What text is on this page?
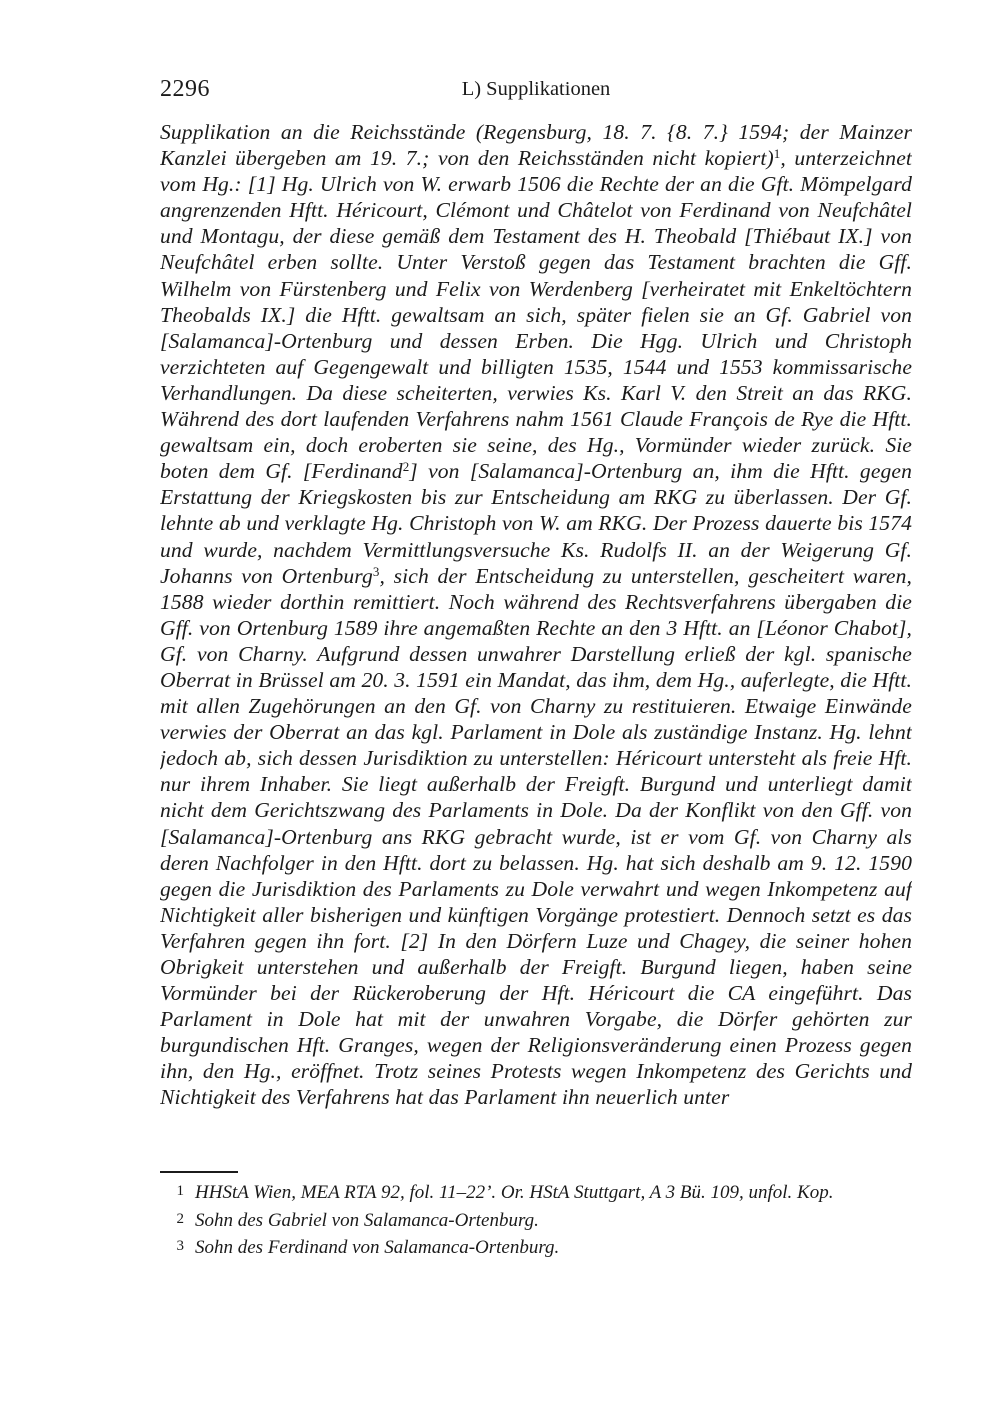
2296	L) Supplikationen

Supplikation an die Reichsstände (Regensburg, 18. 7. {8. 7.} 1594; der Mainzer Kanzlei übergeben am 19. 7.; von den Reichsständen nicht kopiert)$^1$, unterzeichnet vom Hg.: [1] Hg. Ulrich von W. erwarb 1506 die Rechte der an die Gft. Mömpelgard angrenzenden Hftt. Héricourt, Clémont und Châtelot von Ferdinand von Neufchâtel und Montagu, der diese gemäß dem Testament des H. Theobald [Thiébaut IX.] von Neufchâtel erben sollte. Unter Verstoß gegen das Testament brachten die Gff. Wilhelm von Fürstenberg und Felix von Werdenberg [verheiratet mit Enkeltöchtern Theobalds IX.] die Hftt. gewaltsam an sich, später fielen sie an Gf. Gabriel von [Salamanca]-Ortenburg und dessen Erben. Die Hgg. Ulrich und Christoph verzichteten auf Gegengewalt und billigten 1535, 1544 und 1553 kommissarische Verhandlungen. Da diese scheiterten, verwies Ks. Karl V. den Streit an das RKG. Während des dort laufenden Verfahrens nahm 1561 Claude François de Rye die Hftt. gewaltsam ein, doch eroberten sie seine, des Hg., Vormünder wieder zurück. Sie boten dem Gf. [Ferdinand$^2$] von [Salamanca]-Ortenburg an, ihm die Hftt. gegen Erstattung der Kriegskosten bis zur Entscheidung am RKG zu überlassen. Der Gf. lehnte ab und verklagte Hg. Christoph von W. am RKG. Der Prozess dauerte bis 1574 und wurde, nachdem Vermittlungsversuche Ks. Rudolfs II. an der Weigerung Gf. Johanns von Ortenburg$^3$, sich der Entscheidung zu unterstellen, gescheitert waren, 1588 wieder dorthin remittiert. Noch während des Rechtsverfahrens übergaben die Gff. von Ortenburg 1589 ihre angemaßten Rechte an den 3 Hftt. an [Léonor Chabot], Gf. von Charny. Aufgrund dessen unwahrer Darstellung erließ der kgl. spanische Oberrat in Brüssel am 20. 3. 1591 ein Mandat, das ihm, dem Hg., auferlegte, die Hftt. mit allen Zugehörungen an den Gf. von Charny zu restituieren. Etwaige Einwände verwies der Oberrat an das kgl. Parlament in Dole als zuständige Instanz. Hg. lehnt jedoch ab, sich dessen Jurisdiktion zu unterstellen: Héricourt untersteht als freie Hft. nur ihrem Inhaber. Sie liegt außerhalb der Freigft. Burgund und unterliegt damit nicht dem Gerichtszwang des Parlaments in Dole. Da der Konflikt von den Gff. von [Salamanca]-Ortenburg ans RKG gebracht wurde, ist er vom Gf. von Charny als deren Nachfolger in den Hftt. dort zu belassen. Hg. hat sich deshalb am 9. 12. 1590 gegen die Jurisdiktion des Parlaments zu Dole verwahrt und wegen Inkompetenz auf Nichtigkeit aller bisherigen und künftigen Vorgänge protestiert. Dennoch setzt es das Verfahren gegen ihn fort. [2] In den Dörfern Luze und Chagey, die seiner hohen Obrigkeit unterstehen und außerhalb der Freigft. Burgund liegen, haben seine Vormünder bei der Rückeroberung der Hft. Héricourt die CA eingeführt. Das Parlament in Dole hat mit der unwahren Vorgabe, die Dörfer gehörten zur burgundischen Hft. Granges, wegen der Religionsveränderung einen Prozess gegen ihn, den Hg., eröffnet. Trotz seines Protests wegen Inkompetenz des Gerichts und Nichtigkeit des Verfahrens hat das Parlament ihn neuerlich unter

1 HHStA Wien, MEA RTA 92, fol. 11–22’. Or. HStA Stuttgart, A 3 Bü. 109, unfol. Kop.
2 Sohn des Gabriel von Salamanca-Ortenburg.
3 Sohn des Ferdinand von Salamanca-Ortenburg.
